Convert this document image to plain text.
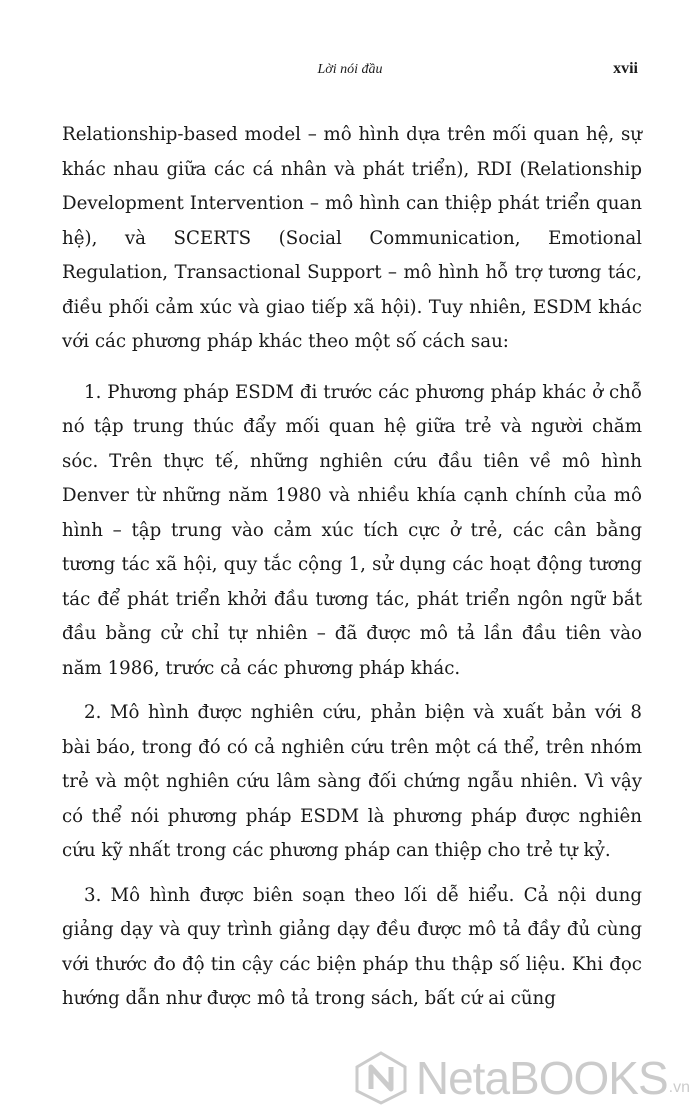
Lời nói đầu	xvii

Relationship-based model – mô hình dựa trên mối quan hệ, sự khác nhau giữa các cá nhân và phát triển), RDI (Relationship Development Intervention – mô hình can thiệp phát triển quan hệ), và SCERTS (Social Communication, Emotional Regulation, Transactional Support – mô hình hỗ trợ tương tác, điều phối cảm xúc và giao tiếp xã hội). Tuy nhiên, ESDM khác với các phương pháp khác theo một số cách sau:

1. Phương pháp ESDM đi trước các phương pháp khác ở chỗ nó tập trung thúc đẩy mối quan hệ giữa trẻ và người chăm sóc. Trên thực tế, những nghiên cứu đầu tiên về mô hình Denver từ những năm 1980 và nhiều khía cạnh chính của mô hình – tập trung vào cảm xúc tích cực ở trẻ, các cân bằng tương tác xã hội, quy tắc cộng 1, sử dụng các hoạt động tương tác để phát triển khởi đầu tương tác, phát triển ngôn ngữ bắt đầu bằng cử chỉ tự nhiên – đã được mô tả lần đầu tiên vào năm 1986, trước cả các phương pháp khác.

2. Mô hình được nghiên cứu, phản biện và xuất bản với 8 bài báo, trong đó có cả nghiên cứu trên một cá thể, trên nhóm trẻ và một nghiên cứu lâm sàng đối chứng ngẫu nhiên. Vì vậy có thể nói phương pháp ESDM là phương pháp được nghiên cứu kỹ nhất trong các phương pháp can thiệp cho trẻ tự kỷ.

3. Mô hình được biên soạn theo lối dễ hiểu. Cả nội dung giảng dạy và quy trình giảng dạy đều được mô tả đầy đủ cùng với thước đo độ tin cậy các biện pháp thu thập số liệu. Khi đọc hướng dẫn như được mô tả trong sách, bất cứ ai cũng

NetaBOOKS .vn
